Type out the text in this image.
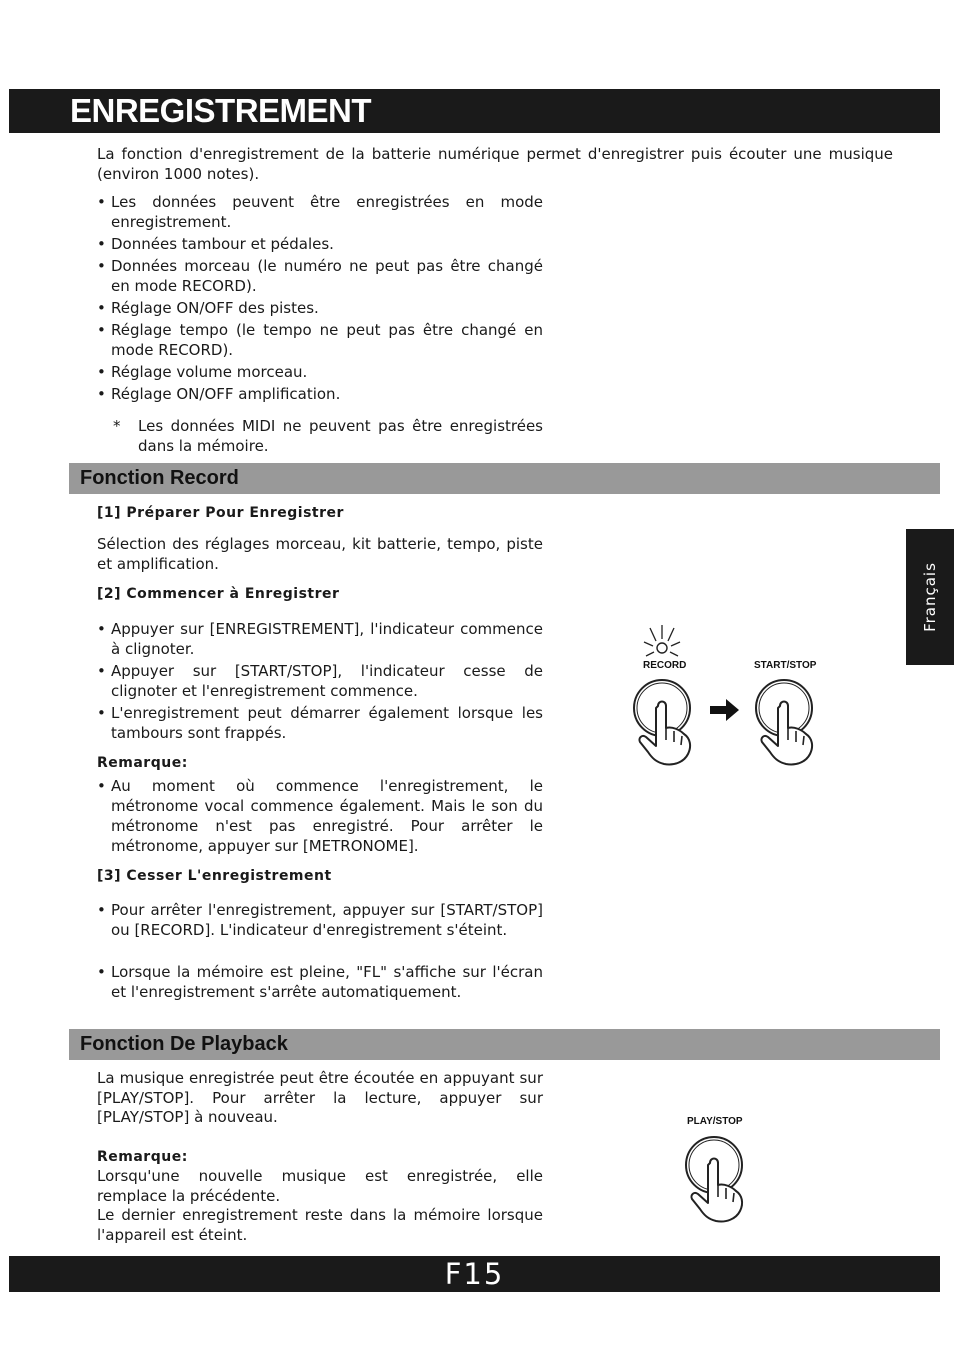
ENREGISTREMENT
La fonction d'enregistrement de la batterie numérique permet d'enregistrer puis écouter une musique (environ 1000 notes).
• Les données peuvent être enregistrées en mode enregistrement.
• Données tambour et pédales.
• Données morceau (le numéro ne peut pas être changé en mode RECORD).
• Réglage ON/OFF des pistes.
• Réglage tempo (le tempo ne peut pas être changé en mode RECORD).
• Réglage volume morceau.
• Réglage ON/OFF amplification.
* Les données MIDI ne peuvent pas être enregistrées dans la mémoire.
Fonction Record
[1] Préparer Pour Enregistrer
Sélection des réglages morceau, kit batterie, tempo, piste et amplification.
[2] Commencer à Enregistrer
• Appuyer sur [ENREGISTREMENT], l'indicateur commence à clignoter.
• Appuyer sur [START/STOP], l'indicateur cesse de clignoter et l'enregistrement commence.
• L'enregistrement peut démarrer également lorsque les tambours sont frappés.
Remarque:
• Au moment où commence l'enregistrement, le métronome vocal commence également. Mais le son du métronome n'est pas enregistré. Pour arrêter le métronome, appuyer sur [METRONOME].
[3] Cesser L'enregistrement
• Pour arrêter l'enregistrement, appuyer sur [START/STOP] ou [RECORD]. L'indicateur d'enregistrement s'éteint.
• Lorsque la mémoire est pleine, "FL" s'affiche sur l'écran et l'enregistrement s'arrête automatiquement.
RECORD	START/STOP
Français
Fonction De Playback
La musique enregistrée peut être écoutée en appuyant sur [PLAY/STOP]. Pour arrêter la lecture, appuyer sur [PLAY/STOP] à nouveau.
Remarque:
Lorsqu'une nouvelle musique est enregistrée, elle remplace la précédente.
Le dernier enregistrement reste dans la mémoire lorsque l'appareil est éteint.
PLAY/STOP
F15
